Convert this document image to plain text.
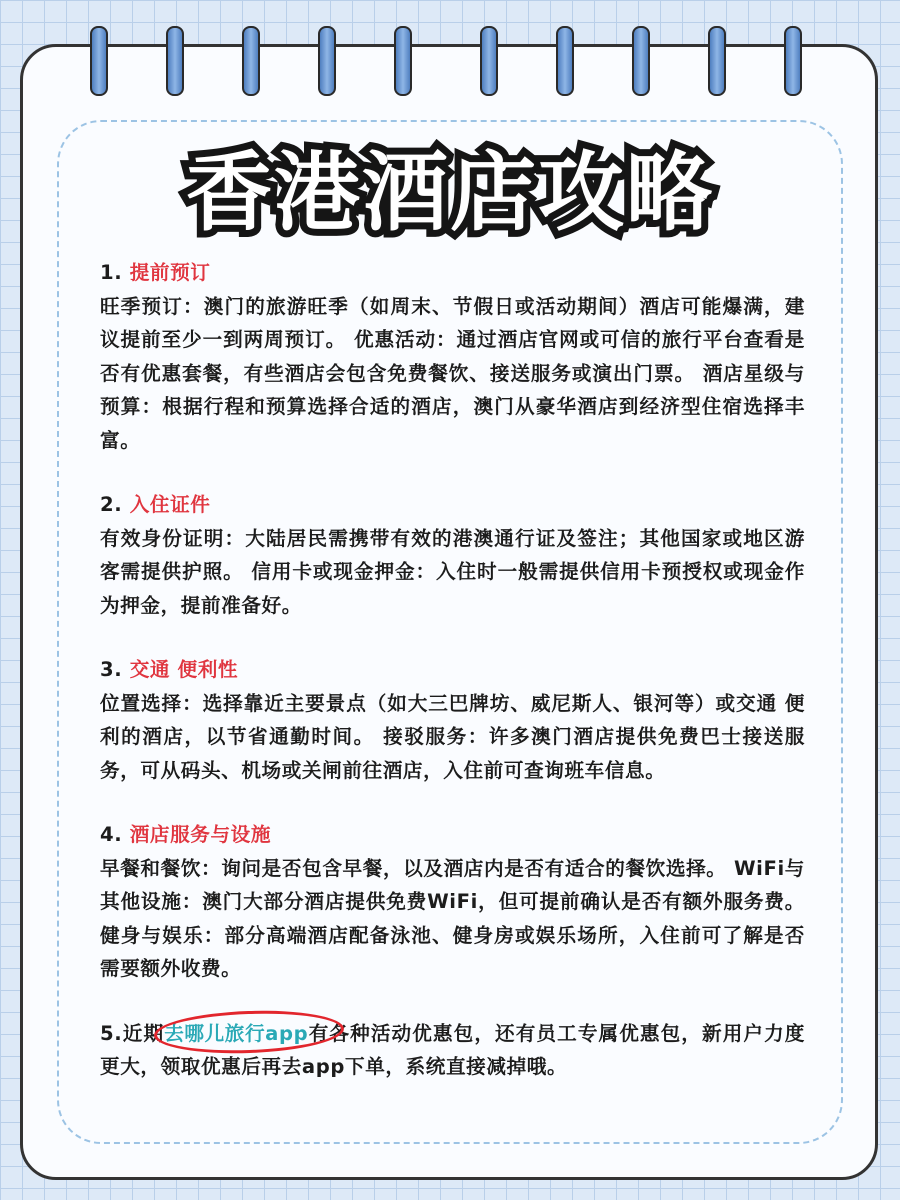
香港酒店攻略
1. 提前预订
旺季预订：澳门的旅游旺季（如周末、节假日或活动期间）酒店可能爆满，建议提前至少一到两周预订。 优惠活动：通过酒店官网或可信的旅行平台查看是否有优惠套餐，有些酒店会包含免费餐饮、接送服务或演出门票。 酒店星级与预算：根据行程和预算选择合适的酒店，澳门从豪华酒店到经济型住宿选择丰富。
2. 入住证件
有效身份证明：大陆居民需携带有效的港澳通行证及签注；其他国家或地区游客需提供护照。 信用卡或现金押金：入住时一般需提供信用卡预授权或现金作为押金，提前准备好。
3. 交通 便利性
位置选择：选择靠近主要景点（如大三巴牌坊、威尼斯人、银河等）或交通 便利的酒店，以节省通勤时间。 接驳服务：许多澳门酒店提供免费巴士接送服务，可从码头、机场或关闸前往酒店，入住前可查询班车信息。
4. 酒店服务与设施
早餐和餐饮：询问是否包含早餐，以及酒店内是否有适合的餐饮选择。 WiFi与其他设施：澳门大部分酒店提供免费WiFi，但可提前确认是否有额外服务费。 健身与娱乐：部分高端酒店配备泳池、健身房或娱乐场所，入住前可了解是否需要额外收费。
5.近期去哪儿旅行app
有各种活动优惠包，还有员工专属优惠包，新用户力度更大，领取优惠后再去app下单，系统直接减掉哦。
